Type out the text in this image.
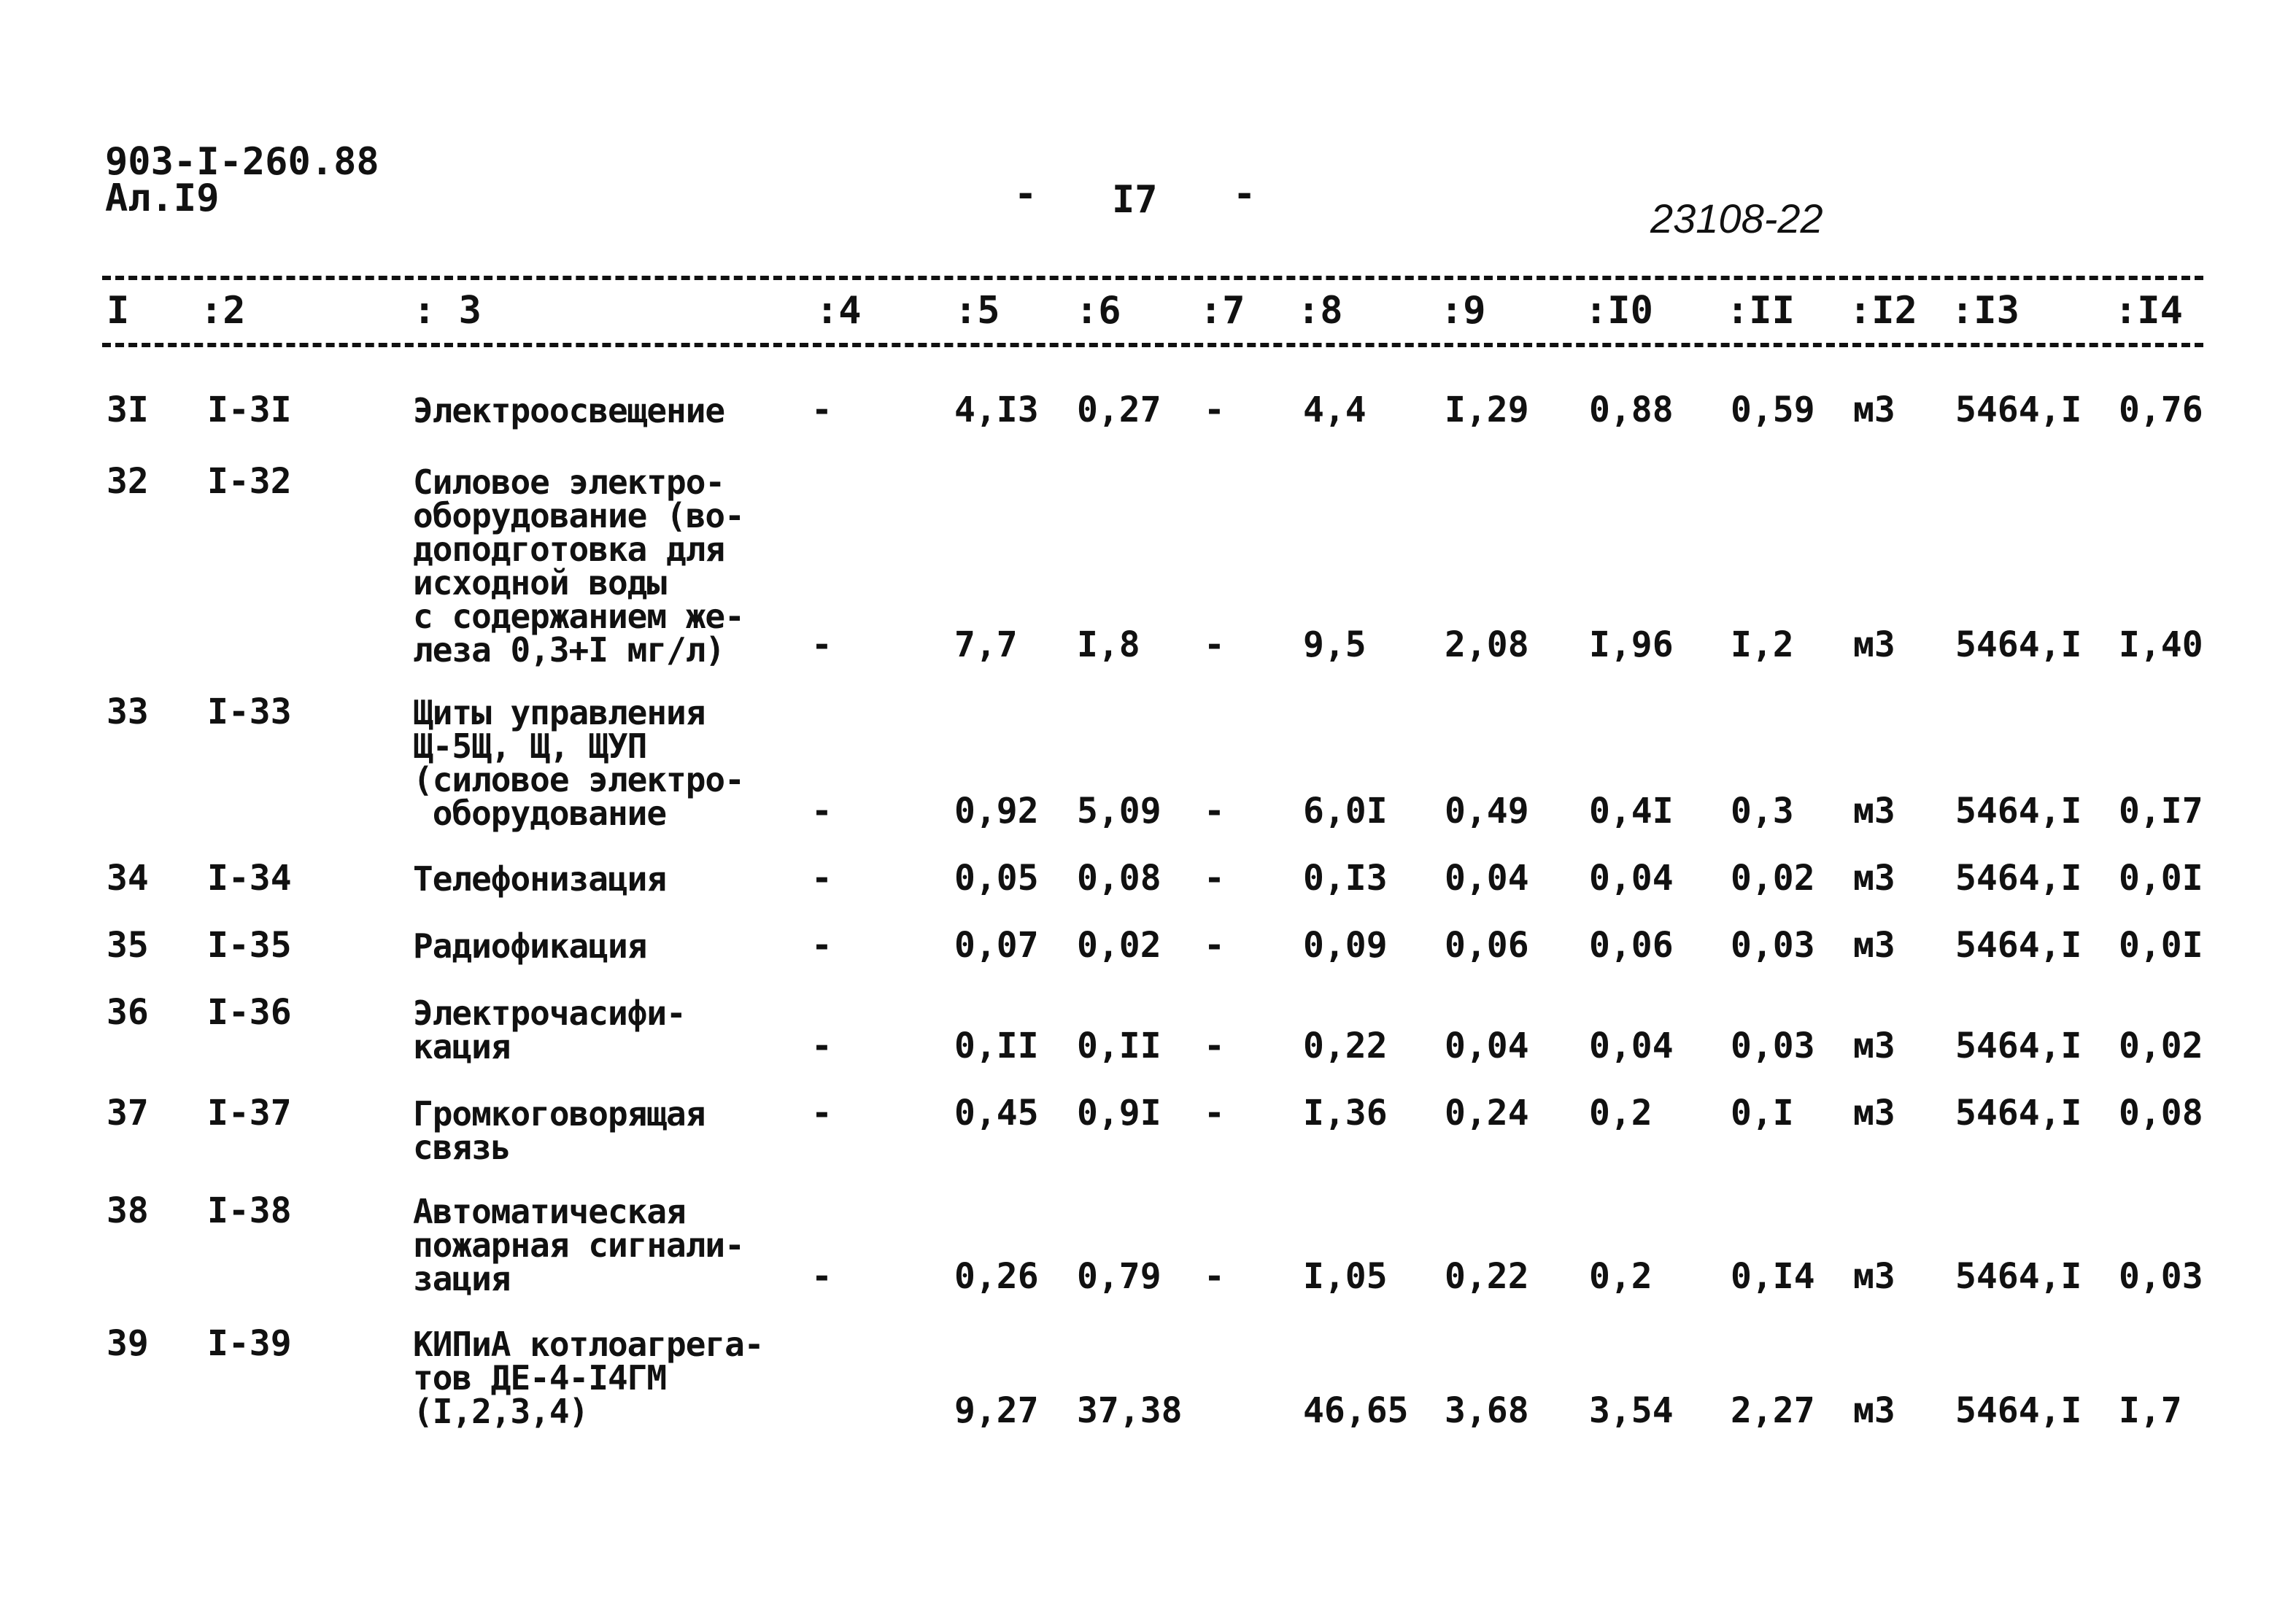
903-I-260.88
Ал.I9	- I7 -
23108-22
I :2	: 3	:4 :5 :6 :7 :8	:9	:I0 :II :I2 :I3	:I4
3I I-3I	Электроосвещение -	4,I3 0,27 - 4,4 I,29 0,88 0,59 м3 5464,I 0,76
32 I-32	Силовое электро-
оборудование (во-
доподготовка для
исходной воды
с содержанием же-
леза 0,3+I мг/л)	-	7,7 I,8 - 9,5 2,08 I,96 I,2 м3 5464,I I,40
33 I-33	Щиты управления
Щ-5Щ, Щ, ЩУП
(силовое электро-
оборудование	-	0,92 5,09 - 6,0I 0,49 0,4I 0,3 м3 5464,I 0,I7
34 I-34	Телефонизация	-	0,05 0,08 - 0,I3 0,04 0,04 0,02 м3 5464,I 0,0I
35 I-35	Радиофикация	-	0,07 0,02 - 0,09 0,06 0,06 0,03 м3 5464,I 0,0I
36 I-36	Электрочасифи-
кация	-	0,II 0,II - 0,22 0,04 0,04 0,03 м3 5464,I 0,02
37 I-37	Громкоговорящая
связь
-	0,45 0,9I - I,36 0,24 0,2 0,I м3 5464,I 0,08
38 I-38	Автоматическая
пожарная сигнали-
зация	-	0,26 0,79 - I,05 0,22 0,2 0,I4 м3 5464,I 0,03
39 I-39	КИПиА котлоагрега-
тов ДЕ-4-I4ГМ
(I,2,3,4)	9,27 37,38	46,65 3,68 3,54 2,27 м3 5464,I I,7
